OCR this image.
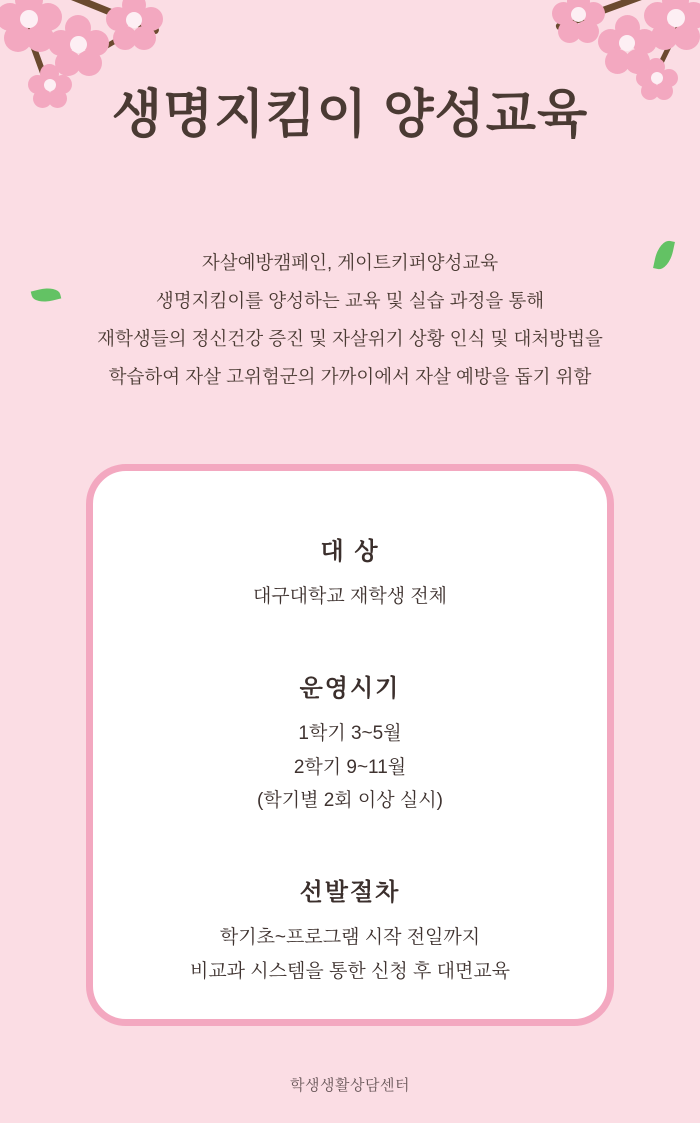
생명지킴이 양성교육
자살예방캠페인, 게이트키퍼양성교육
생명지킴이를 양성하는 교육 및 실습 과정을 통해
재학생들의 정신건강 증진 및 자살위기 상황 인식 및 대처방법을
학습하여 자살 고위험군의 가까이에서 자살 예방을 돕기 위함
대 상
대구대학교 재학생 전체
운영시기
1학기 3~5월
2학기 9~11월
(학기별 2회 이상 실시)
선발절차
학기초~프로그램 시작 전일까지
비교과 시스템을 통한 신청 후 대면교육
학생생활상담센터
